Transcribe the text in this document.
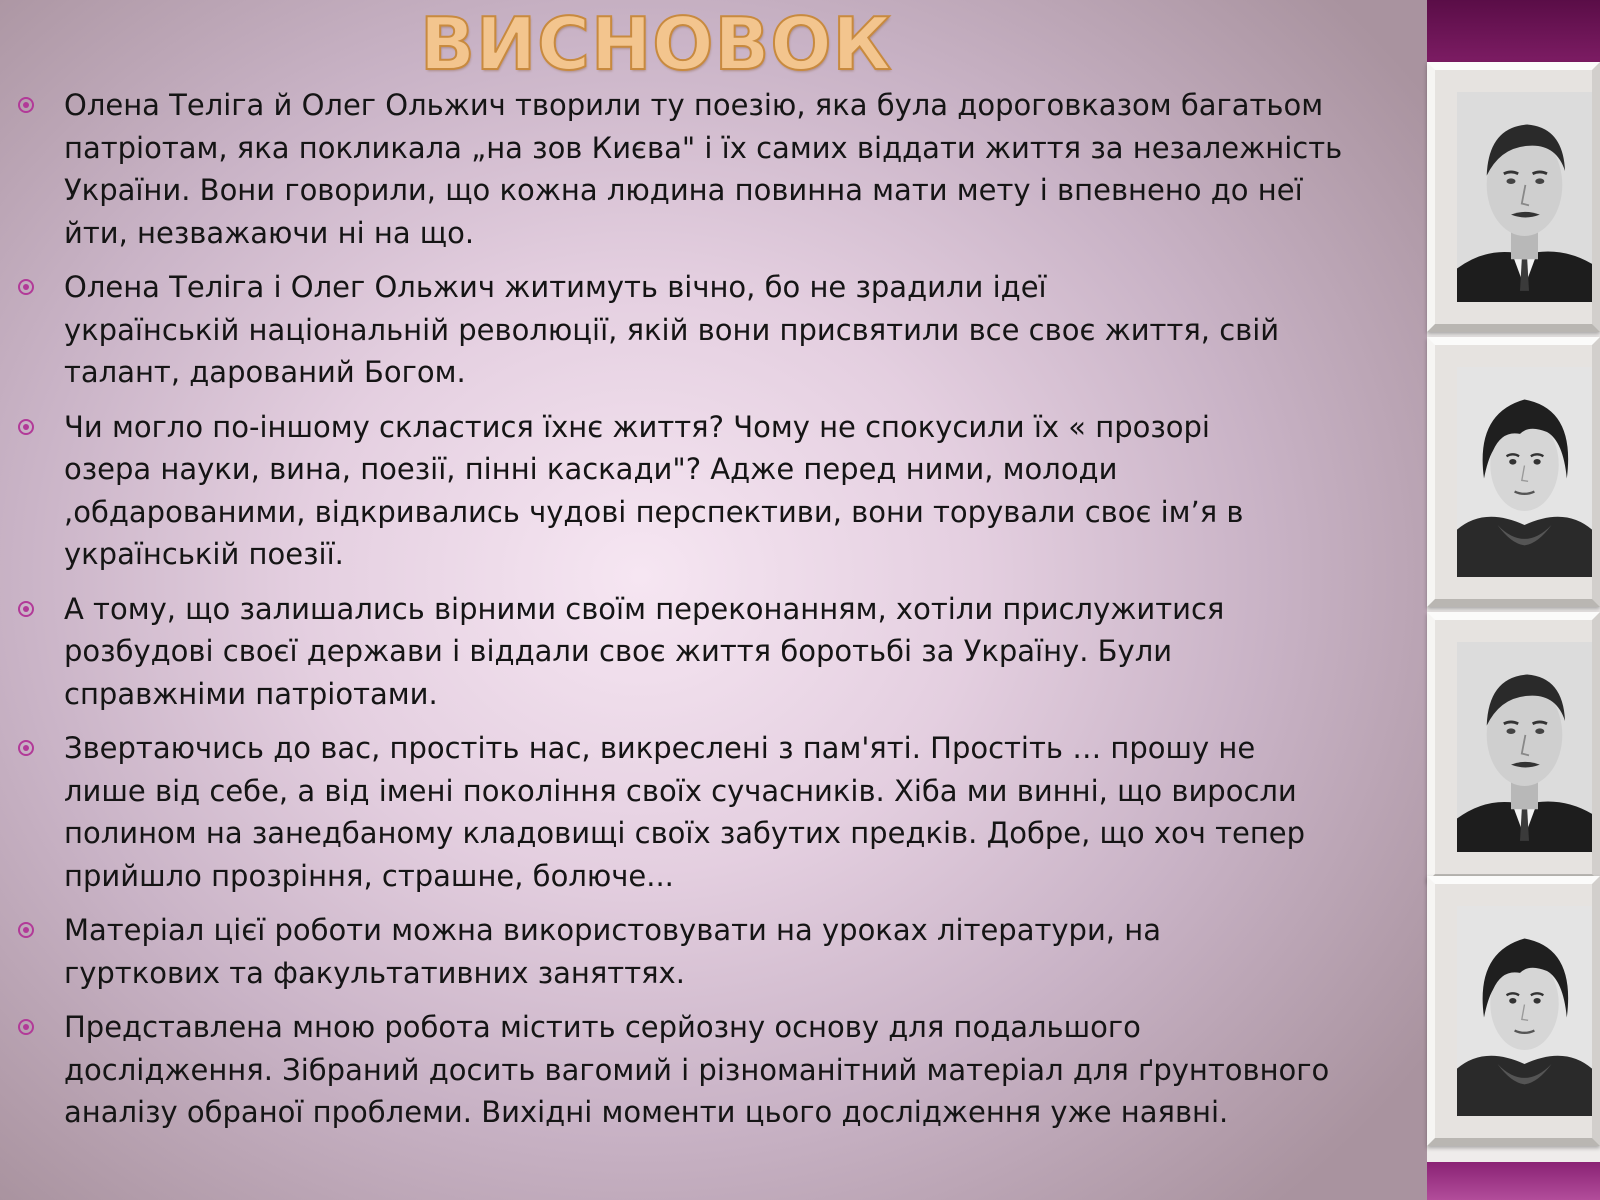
ВИСНОВОК
Олена Теліга й Олег Ольжич творили ту поезію, яка була дороговказом багатьом
патріотам, яка покликала „на зов Києва" і їх самих віддати життя за незалежність
України. Вони говорили, що кожна людина повинна мати мету і впевнено до неї
йти, незважаючи ні на що.
Олена Теліга і Олег Ольжич житимуть вічно, бо не зрадили ідеї
українській національній революції, якій вони присвятили все своє життя, свій
талант, дарований Богом.
Чи могло по-іншому скластися їхнє життя? Чому не спокусили їх « прозорі
озера науки, вина, поезії, пінні каскади"? Адже перед ними, молоди
,обдарованими, відкривались чудові перспективи, вони торували своє ім’я в
українській поезії.
А тому, що залишались вірними своїм переконанням, хотіли прислужитися
розбудові своєї держави і віддали своє життя боротьбі за Україну. Були
справжніми патріотами.
Звертаючись до вас, простіть нас, викреслені з пам'яті. Простіть … прошу не
лише від себе, а від імені покоління своїх сучасників. Хіба ми винні, що виросли
полином на занедбаному кладовищі своїх забутих предків. Добре, що хоч тепер
прийшло прозріння, страшне, болюче...
Матеріал цієї роботи можна використовувати на уроках літератури, на
гурткових та факультативних заняттях.
Представлена мною робота містить серйозну основу для подальшого
дослідження. Зібраний досить вагомий і різноманітний матеріал для ґрунтовного
аналізу обраної проблеми. Вихідні моменти цього дослідження уже наявні.
